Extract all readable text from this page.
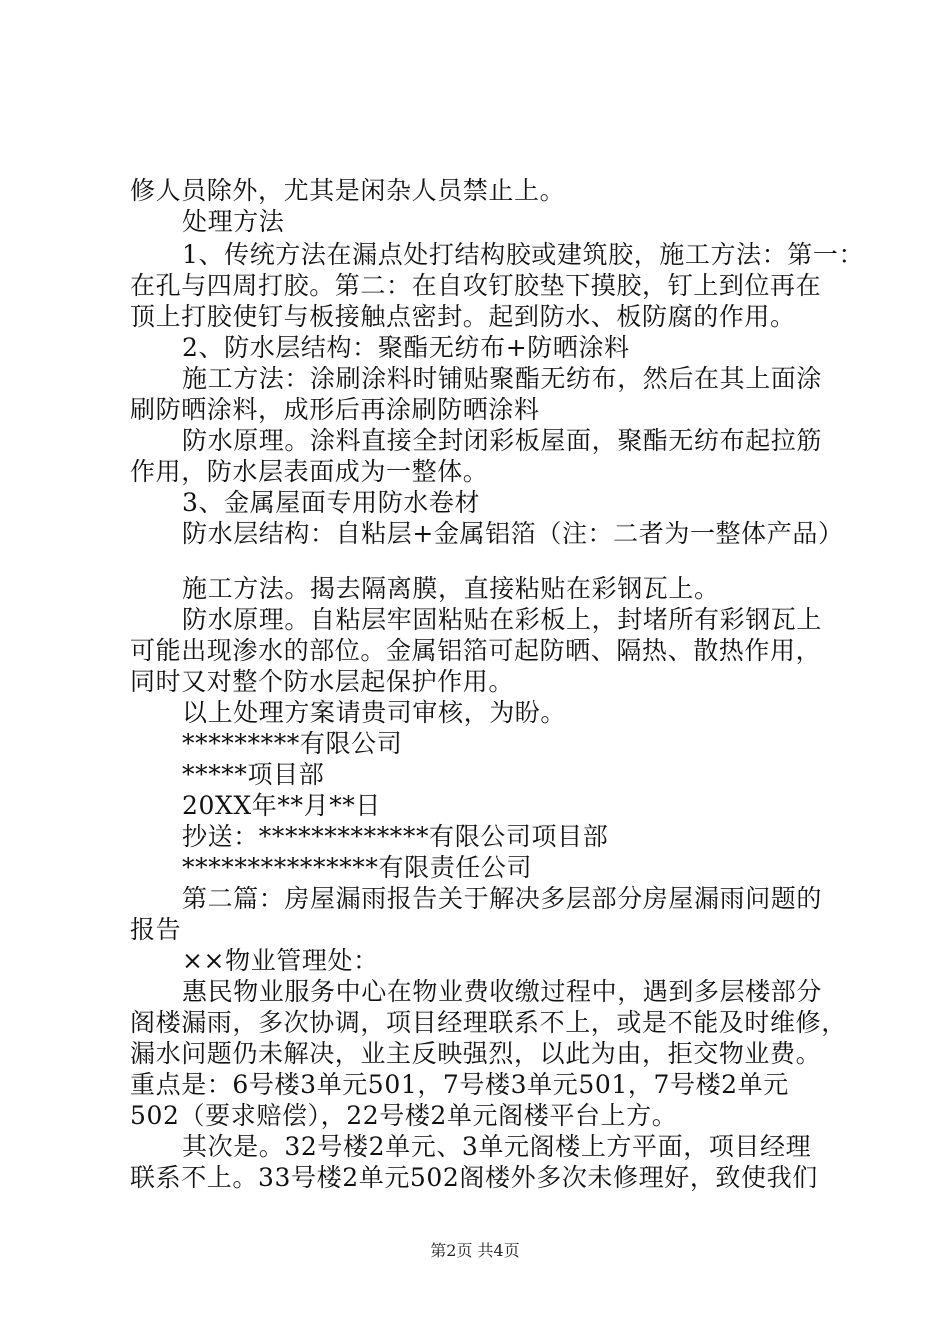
修人员除外，尤其是闲杂人员禁止上。
处理方法
1、传统方法在漏点处打结构胶或建筑胶，施工方法：第一：
在孔与四周打胶。第二：在自攻钉胶垫下摸胶，钉上到位再在
顶上打胶使钉与板接触点密封。起到防水、板防腐的作用。
2、防水层结构：聚酯无纺布+防晒涂料
施工方法：涂刷涂料时铺贴聚酯无纺布，然后在其上面涂
刷防晒涂料，成形后再涂刷防晒涂料
防水原理。涂料直接全封闭彩板屋面，聚酯无纺布起拉筋
作用，防水层表面成为一整体。
3、金属屋面专用防水卷材
防水层结构：自粘层+金属铝箔（注：二者为一整体产品）
施工方法。揭去隔离膜，直接粘贴在彩钢瓦上。
防水原理。自粘层牢固粘贴在彩板上，封堵所有彩钢瓦上
可能出现渗水的部位。金属铝箔可起防晒、隔热、散热作用，
同时又对整个防水层起保护作用。
以上处理方案请贵司审核，为盼。
*********有限公司
*****项目部
20XX年**月**日
抄送：*************有限公司项目部
***************有限责任公司
第二篇：房屋漏雨报告关于解决多层部分房屋漏雨问题的
报告
××物业管理处：
惠民物业服务中心在物业费收缴过程中，遇到多层楼部分
阁楼漏雨，多次协调，项目经理联系不上，或是不能及时维修，
漏水问题仍未解决，业主反映强烈，以此为由，拒交物业费。
重点是：6号楼3单元501，7号楼3单元501，7号楼2单元
502（要求赔偿），22号楼2单元阁楼平台上方。
其次是。32号楼2单元、3单元阁楼上方平面，项目经理
联系不上。33号楼2单元502阁楼外多次未修理好，致使我们
第2页 共4页
